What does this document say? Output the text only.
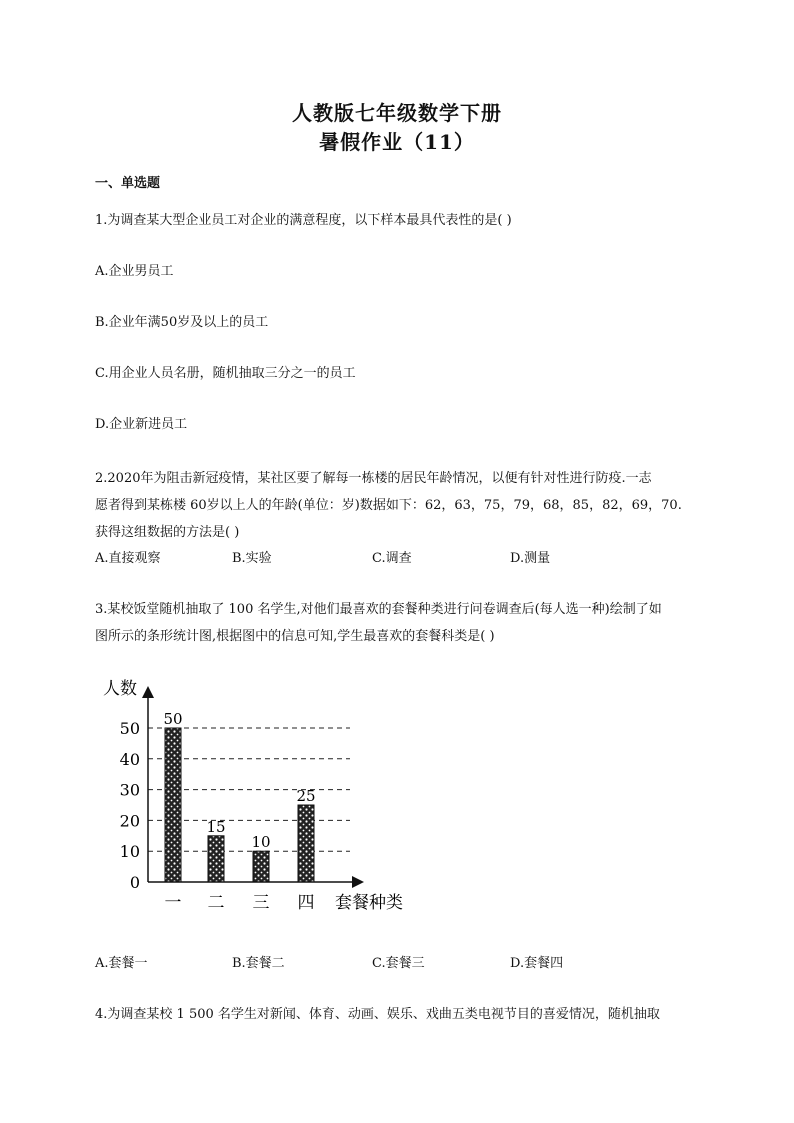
人教版七年级数学下册
暑假作业（11）
一、单选题
1.为调查某大型企业员工对企业的满意程度，以下样本最具代表性的是( )
A.企业男员工
B.企业年满50岁及以上的员工
C.用企业人员名册，随机抽取三分之一的员工
D.企业新进员工
2.2020年为阻击新冠疫情，某社区要了解每一栋楼的居民年龄情况，以便有针对性进行防疫.一志
愿者得到某栋楼 60岁以上人的年龄(单位：岁)数据如下：62，63，75，79，68，85，82，69，70.
获得这组数据的方法是( )
A.直接观察	B.实验	C.调查	D.测量
3.某校饭堂随机抽取了 100 名学生,对他们最喜欢的套餐种类进行问卷调查后(每人选一种)绘制了如
图所示的条形统计图,根据图中的信息可知,学生最喜欢的套餐科类是( )
50
15
10
25
0
10
20
30
40
50
一 二 三 四
人数
套餐种类
A.套餐一	B.套餐二	C.套餐三	D.套餐四
4.为调查某校 1 500 名学生对新闻、体育、动画、娱乐、戏曲五类电视节目的喜爱情况，随机抽取
